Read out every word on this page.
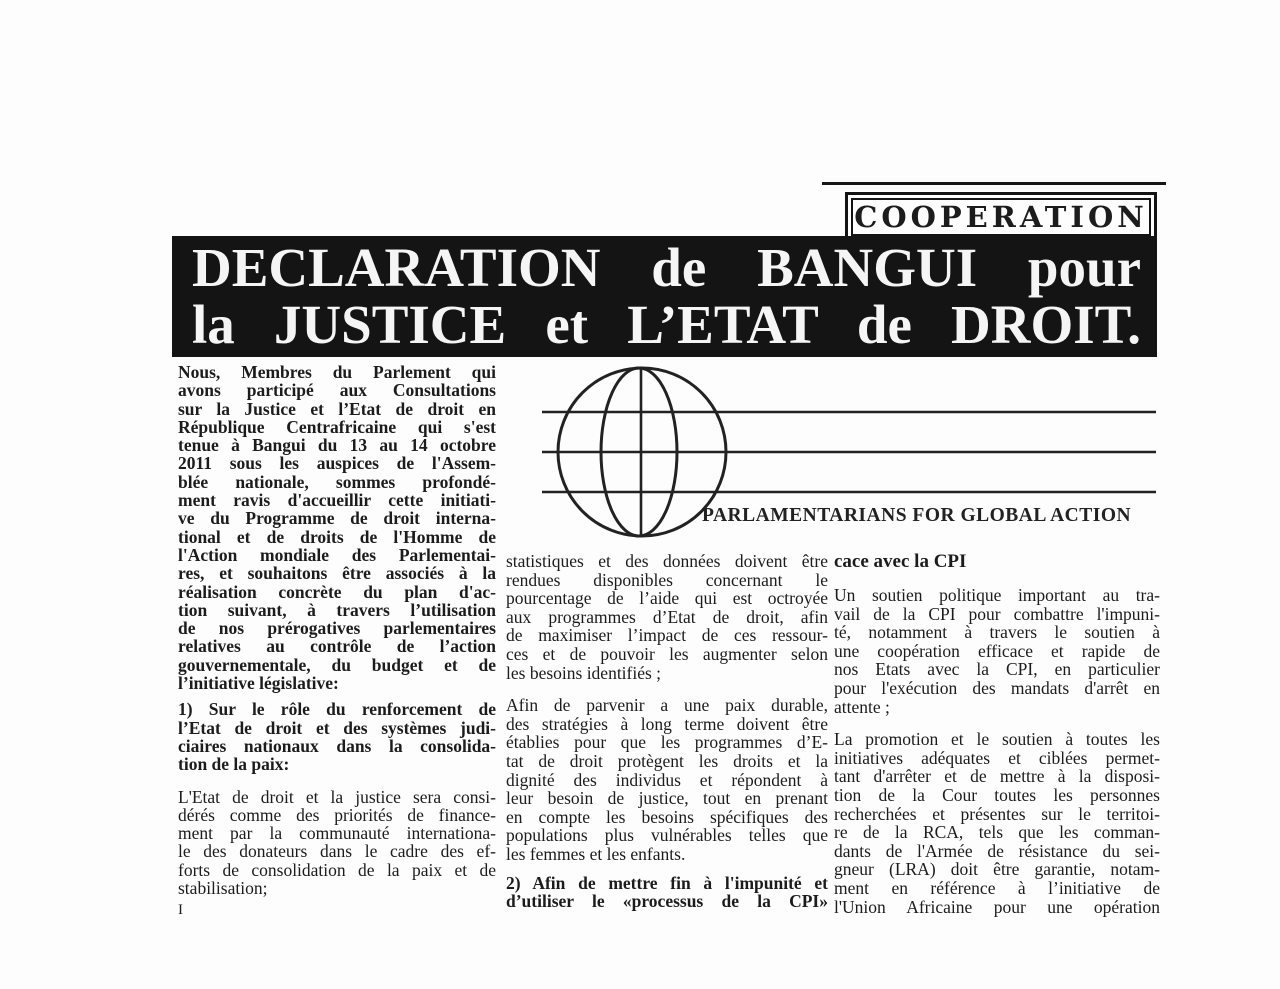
COOPERATION
DECLARATION de BANGUI pour
la JUSTICE et L’ETAT de DROIT.
PARLAMENTARIANS FOR GLOBAL ACTION
Nous, Membres du Parlement qui
avons participé aux Consultations
sur la Justice et l’Etat de droit en
République Centrafricaine qui s'est
tenue à Bangui du 13 au 14 octobre
2011 sous les auspices de l'Assem-
blée nationale, sommes profondé-
ment ravis d'accueillir cette initiati-
ve du Programme de droit interna-
tional et de droits de l'Homme de
l'Action mondiale des Parlementai-
res, et souhaitons être associés à la
réalisation concrète du plan d'ac-
tion suivant, à travers l’utilisation
de nos prérogatives parlementaires
relatives au contrôle de l’action
gouvernementale, du budget et de
l’initiative législative:
1) Sur le rôle du renforcement de
l’Etat de droit et des systèmes judi-
ciaires nationaux dans la consolida-
tion de la paix:
L'Etat de droit et la justice sera consi-
dérés comme des priorités de finance-
ment par la communauté internationa-
le des donateurs dans le cadre des ef-
forts de consolidation de la paix et de
stabilisation;
I
statistiques et des données doivent être
rendues disponibles concernant le
pourcentage de l’aide qui est octroyée
aux programmes d’Etat de droit, afin
de maximiser l’impact de ces ressour-
ces et de pouvoir les augmenter selon
les besoins identifiés ;
Afin de parvenir a une paix durable,
des stratégies à long terme doivent être
établies pour que les programmes d’E-
tat de droit protègent les droits et la
dignité des individus et répondent à
leur besoin de justice, tout en prenant
en compte les besoins spécifiques des
populations plus vulnérables telles que
les femmes et les enfants.
2) Afin de mettre fin à l'impunité et
d’utiliser le «processus de la CPI»
cace avec la CPI
Un soutien politique important au tra-
vail de la CPI pour combattre l'impuni-
té, notamment à travers le soutien à
une coopération efficace et rapide de
nos Etats avec la CPI, en particulier
pour l'exécution des mandats d'arrêt en
attente ;
La promotion et le soutien à toutes les
initiatives adéquates et ciblées permet-
tant d'arrêter et de mettre à la disposi-
tion de la Cour toutes les personnes
recherchées et présentes sur le territoi-
re de la RCA, tels que les comman-
dants de l'Armée de résistance du sei-
gneur (LRA) doit être garantie, notam-
ment en référence à l’initiative de
l'Union Africaine pour une opération
